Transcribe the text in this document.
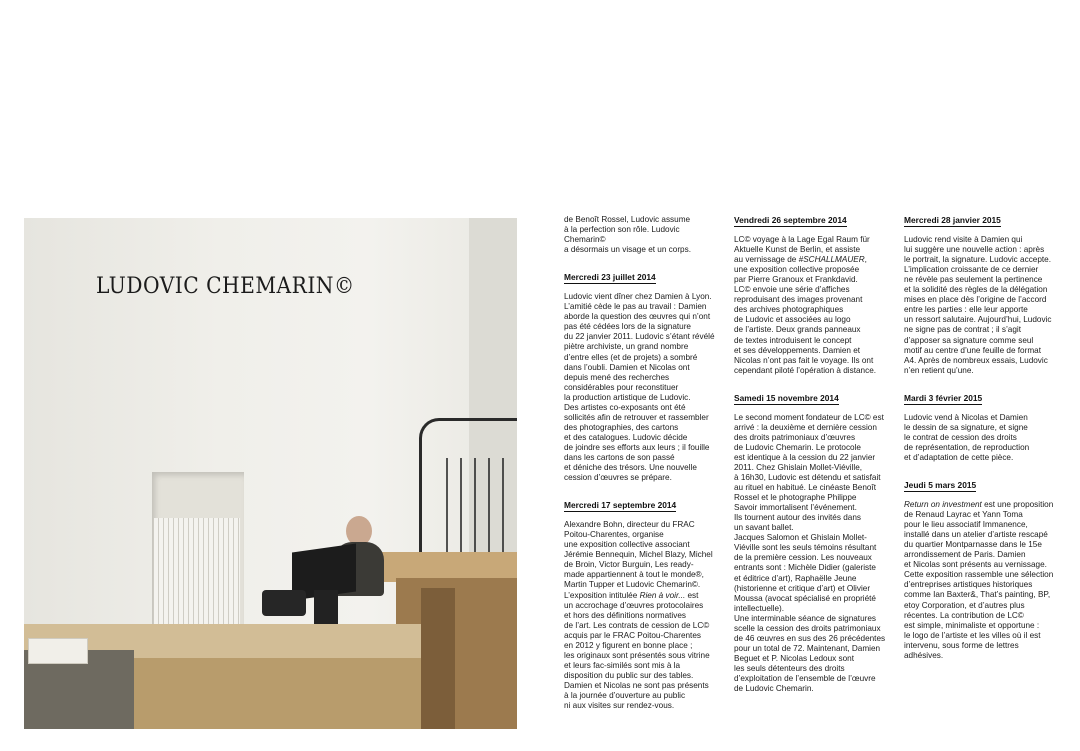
LUDOVIC CHEMARIN©

de Benoît Rossel, Ludovic assume
à la perfection son rôle. Ludovic Chemarin©
a désormais un visage et un corps.

Mercredi 23 juillet 2014

Ludovic vient dîner chez Damien à Lyon.
L’amitié cède le pas au travail : Damien
aborde la question des œuvres qui n’ont
pas été cédées lors de la signature
du 22 janvier 2011. Ludovic s’étant révélé
piètre archiviste, un grand nombre
d’entre elles (et de projets) a sombré
dans l’oubli. Damien et Nicolas ont
depuis mené des recherches
considérables pour reconstituer
la production artistique de Ludovic.
Des artistes co-exposants ont été
sollicités afin de retrouver et rassembler
des photographies, des cartons
et des catalogues. Ludovic décide
de joindre ses efforts aux leurs ; il fouille
dans les cartons de son passé
et déniche des trésors. Une nouvelle
cession d’œuvres se prépare.

Mercredi 17 septembre 2014

Alexandre Bohn, directeur du FRAC
Poitou-Charentes, organise
une exposition collective associant
Jérémie Bennequin, Michel Blazy, Michel
de Broin, Victor Burguin, Les ready-
made appartiennent à tout le monde®,
Martin Tupper et Ludovic Chemarin©.
L’exposition intitulée Rien à voir... est
un accrochage d’œuvres protocolaires
et hors des définitions normatives
de l’art. Les contrats de cession de LC©
acquis par le FRAC Poitou-Charentes
en 2012 y figurent en bonne place ;
les originaux sont présentés sous vitrine
et leurs fac-similés sont mis à la
disposition du public sur des tables.
Damien et Nicolas ne sont pas présents
à la journée d’ouverture au public
ni aux visites sur rendez-vous.

Vendredi 26 septembre 2014

LC© voyage à la Lage Egal Raum für
Aktuelle Kunst de Berlin, et assiste
au vernissage de #SCHALLMAUER,
une exposition collective proposée
par Pierre Granoux et Frankdavid.
LC© envoie une série d’affiches
reproduisant des images provenant
des archives photographiques
de Ludovic et associées au logo
de l’artiste. Deux grands panneaux
de textes introduisent le concept
et ses développements. Damien et
Nicolas n’ont pas fait le voyage. Ils ont
cependant piloté l’opération à distance.

Samedi 15 novembre 2014

Le second moment fondateur de LC© est
arrivé : la deuxième et dernière cession
des droits patrimoniaux d’œuvres
de Ludovic Chemarin. Le protocole
est identique à la cession du 22 janvier
2011. Chez Ghislain Mollet-Viéville,
à 16h30, Ludovic est détendu et satisfait
au rituel en habitué. Le cinéaste Benoît
Rossel et le photographe Philippe
Savoir immortalisent l’événement.
Ils tournent autour des invités dans
un savant ballet.
Jacques Salomon et Ghislain Mollet-
Viéville sont les seuls témoins résultant
de la première cession. Les nouveaux
entrants sont : Michèle Didier (galeriste
et éditrice d’art), Raphaëlle Jeune
(historienne et critique d’art) et Olivier
Moussa (avocat spécialisé en propriété
intellectuelle).
Une interminable séance de signatures
scelle la cession des droits patrimoniaux
de 46 œuvres en sus des 26 précédentes
pour un total de 72. Maintenant, Damien
Beguet et P. Nicolas Ledoux sont
les seuls détenteurs des droits
d’exploitation de l’ensemble de l’œuvre
de Ludovic Chemarin.

Mercredi 28 janvier 2015

Ludovic rend visite à Damien qui
lui suggère une nouvelle action : après
le portrait, la signature. Ludovic accepte.
L’implication croissante de ce dernier
ne révèle pas seulement la pertinence
et la solidité des règles de la délégation
mises en place dès l’origine de l’accord
entre les parties : elle leur apporte
un ressort salutaire. Aujourd’hui, Ludovic
ne signe pas de contrat ; il s’agit
d’apposer sa signature comme seul
motif au centre d’une feuille de format
A4. Après de nombreux essais, Ludovic
n’en retient qu’une.

Mardi 3 février 2015

Ludovic vend à Nicolas et Damien
le dessin de sa signature, et signe
le contrat de cession des droits
de représentation, de reproduction
et d’adaptation de cette pièce.

Jeudi 5 mars 2015

Return on investment est une proposition
de Renaud Layrac et Yann Toma
pour le lieu associatif Immanence,
installé dans un atelier d’artiste rescapé
du quartier Montparnasse dans le 15e
arrondissement de Paris. Damien
et Nicolas sont présents au vernissage.
Cette exposition rassemble une sélection
d’entreprises artistiques historiques
comme Ian Baxter&, That’s painting, BP,
etoy Corporation, et d’autres plus
récentes. La contribution de LC©
est simple, minimaliste et opportune :
le logo de l’artiste et les villes où il est
intervenu, sous forme de lettres
adhésives.
